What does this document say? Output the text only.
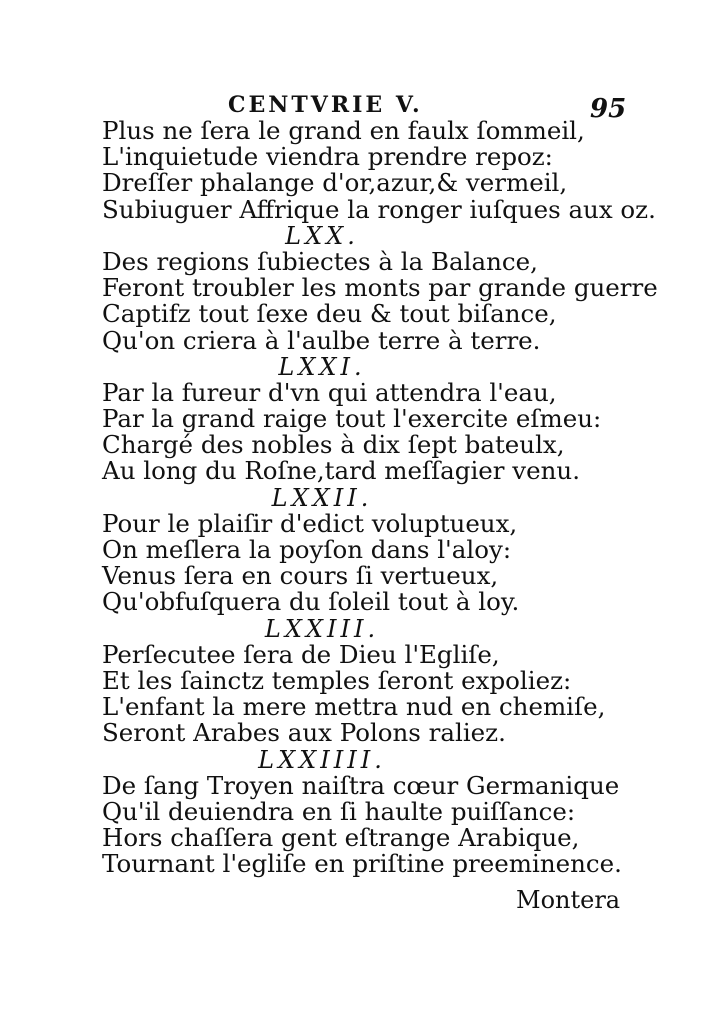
CENTVRIE V.	95

Plus ne ſera le grand en faulx ſommeil,

L'inquietude viendra prendre repoz:

Dreſſer phalange d'or,azur,& vermeil,

Subiuguer Affrique la ronger iuſques aux oz.

LXX.

Des regions ſubiectes à la Balance,

Feront troubler les monts par grande guerre

Captifz tout ſexe deu & tout biſance,

Qu'on criera à l'aulbe terre à terre.

LXXI.

Par la fureur d'vn qui attendra l'eau,

Par la grand raige tout l'exercite eſmeu:

Chargé des nobles à dix ſept bateulx,

Au long du Roſne,tard meſſagier venu.

LXXII.

Pour le plaiſir d'edict voluptueux,

On meſlera la poyſon dans l'aloy:

Venus ſera en cours ſi vertueux,

Qu'obfuſquera du ſoleil tout à loy.

LXXIII.

Perſecutee ſera de Dieu l'Egliſe,

Et les ſainctz temples ſeront expoliez:

L'enfant la mere mettra nud en chemiſe,

Seront Arabes aux Polons raliez.

LXXIIII.

De ſang Troyen naiſtra cœur Germanique

Qu'il deuiendra en ſi haulte puiſſance:

Hors chaſſera gent eſtrange Arabique,

Tournant l'egliſe en priſtine preeminence.

Montera
